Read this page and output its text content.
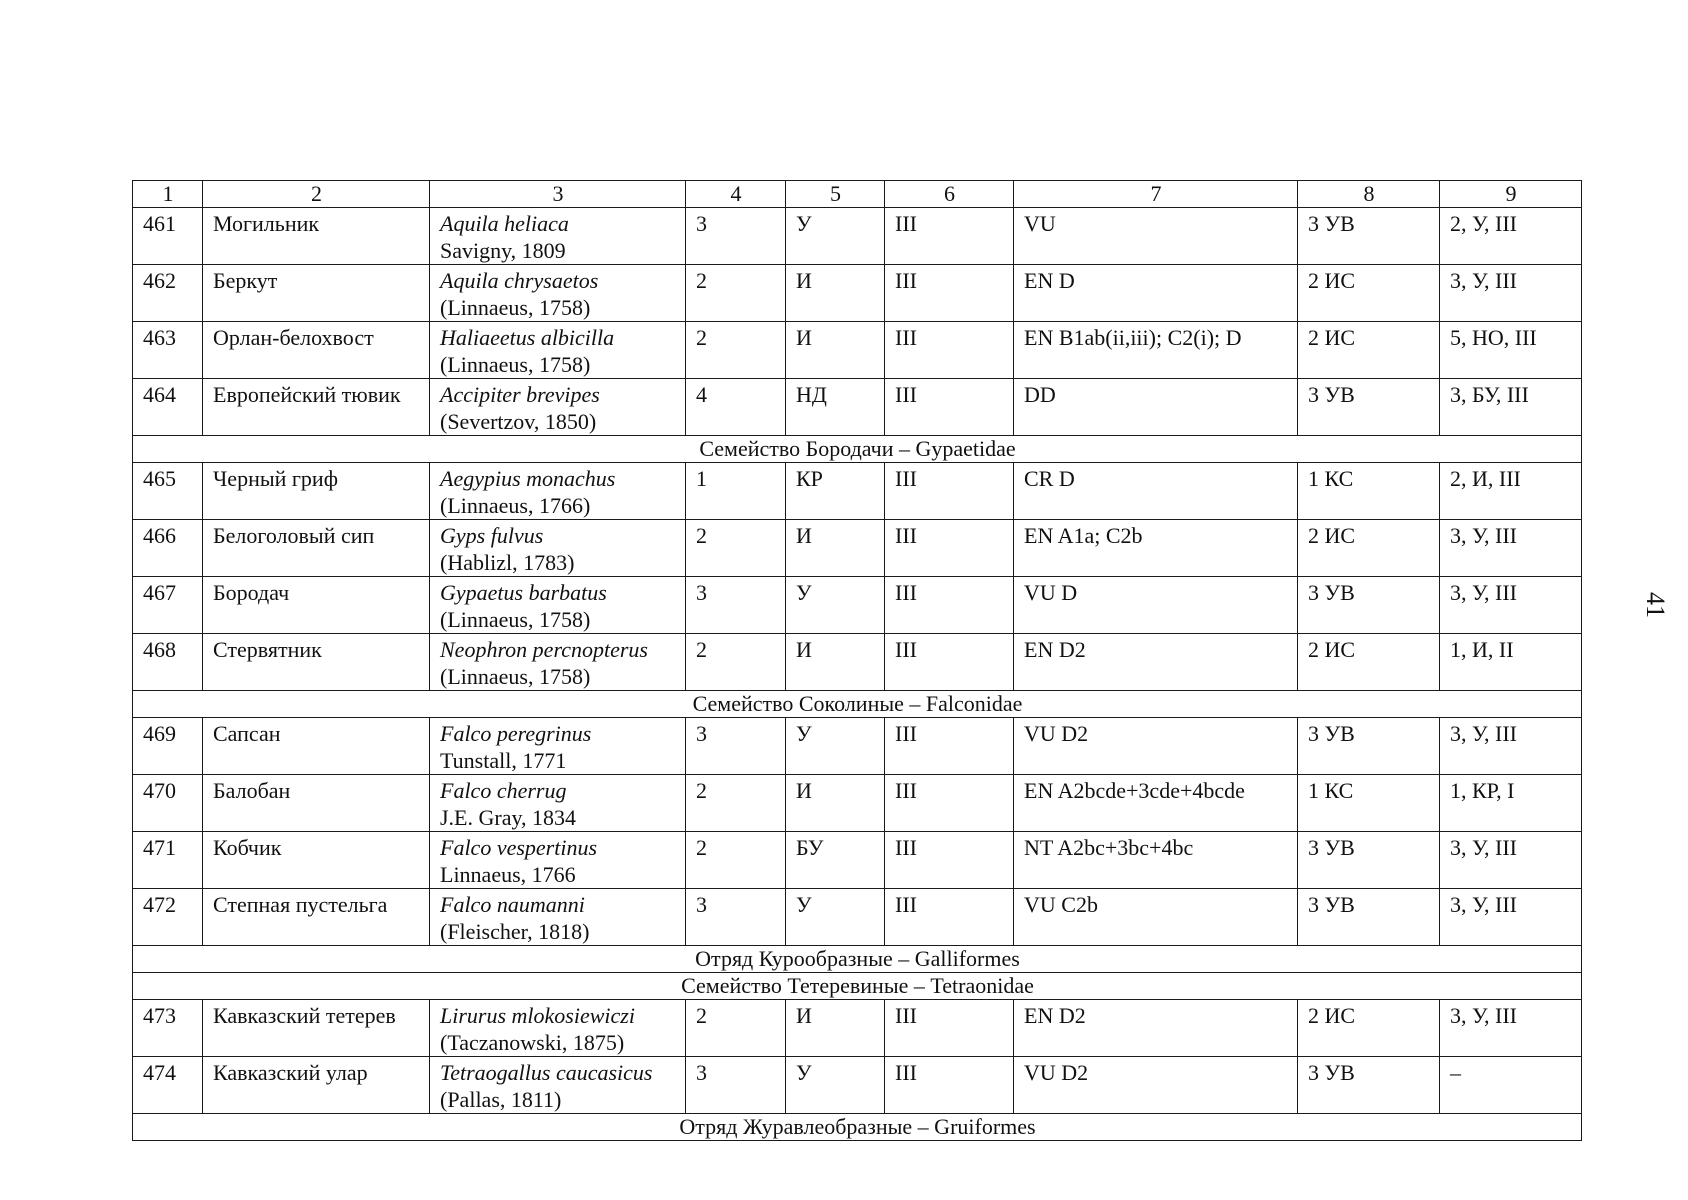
1	2	3	4	5	6	7	8	9
461	Могильник	Aquila heliaca
Savigny, 1809	3	У	III	VU	3 УВ	2, У, III
462	Беркут	Aquila chrysaetos
(Linnaeus, 1758)	2	И	III	EN D	2 ИС	3, У, III
463	Орлан-белохвост	Haliaeetus albicilla
(Linnaeus, 1758)	2	И	III	EN B1ab(ii,iii); C2(i); D	2 ИС	5, НО, III
464	Европейский тювик	Accipiter brevipes
(Severtzov, 1850)	4	НД	III	DD	3 УВ	3, БУ, III
Семейство Бородачи – Gypaetidae								
465	Черный гриф	Aegypius monachus
(Linnaeus, 1766)	1	КР	III	CR D	1 КС	2, И, III
466	Белоголовый сип	Gyps fulvus
(Hablizl, 1783)	2	И	III	EN A1a; C2b	2 ИС	3, У, III
467	Бородач	Gypaetus barbatus
(Linnaeus, 1758)	3	У	III	VU D	3 УВ	3, У, III
468	Стервятник	Neophron percnopterus
(Linnaeus, 1758)	2	И	III	EN D2	2 ИС	1, И, II
Семейство Соколиные – Falconidae								
469	Сапсан	Falco peregrinus
Tunstall, 1771	3	У	III	VU D2	3 УВ	3, У, III
470	Балобан	Falco cherrug
J.E. Gray, 1834	2	И	III	EN A2bcde+3cde+4bcde	1 КС	1, КР, I
471	Кобчик	Falco vespertinus
Linnaeus, 1766	2	БУ	III	NT A2bc+3bc+4bc	3 УВ	3, У, III
472	Степная пустельга	Falco naumanni
(Fleischer, 1818)	3	У	III	VU C2b	3 УВ	3, У, III
Отряд Курообразные – Galliformes								
Семейство Тетеревиные – Tetraonidae								
473	Кавказский тетерев	Lirurus mlokosiewiczi
(Taczanowski, 1875)	2	И	III	EN D2	2 ИС	3, У, III
474	Кавказский улар	Tetraogallus caucasicus
(Pallas, 1811)	3	У	III	VU D2	3 УВ	–
Отряд Журавлеобразные – Gruiformes								
41
